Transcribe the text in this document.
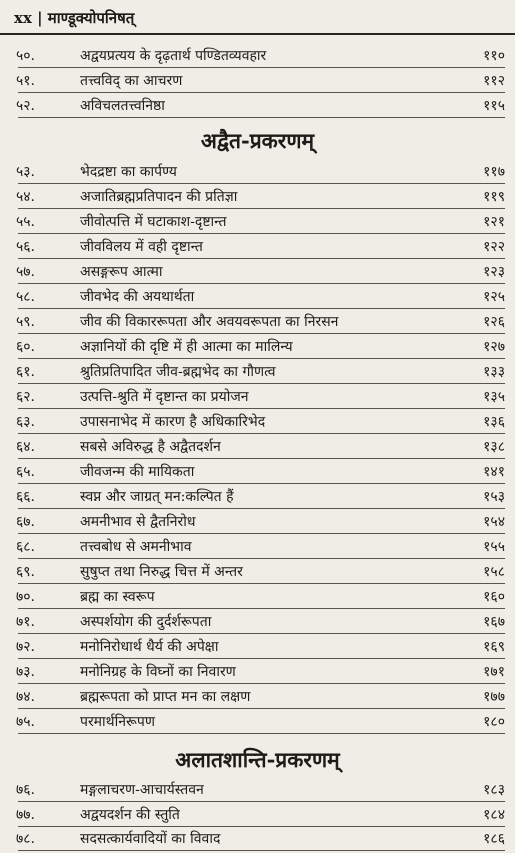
xx | माण्डूक्योपनिषत्
५०.	अद्वयप्रत्यय के दृढ़तार्थ पण्डितव्यवहार	११०
५१.	तत्त्वविद् का आचरण	११२
५२.	अविचलतत्त्वनिष्ठा	११५
अद्वैत-प्रकरणम्
५३.	भेदद्रष्टा का कार्पण्य	११७
५४.	अजातिब्रह्मप्रतिपादन की प्रतिज्ञा	११९
५५.	जीवोत्पत्ति में घटाकाश-दृष्टान्त	१२१
५६.	जीवविलय में वही दृष्टान्त	१२२
५७.	असङ्गरूप आत्मा	१२३
५८.	जीवभेद की अयथार्थता	१२५
५९.	जीव की विकाररूपता और अवयवरूपता का निरसन	१२६
६०.	अज्ञानियों की दृष्टि में ही आत्मा का मालिन्य	१२७
६१.	श्रुतिप्रतिपादित जीव-ब्रह्मभेद का गौणत्व	१३३
६२.	उत्पत्ति-श्रुति में दृष्टान्त का प्रयोजन	१३५
६३.	उपासनाभेद में कारण है अधिकारिभेद	१३६
६४.	सबसे अविरुद्ध है अद्वैतदर्शन	१३८
६५.	जीवजन्म की मायिकता	१४१
६६.	स्वप्न और जाग्रत् मन:कल्पित हैं	१५३
६७.	अमनीभाव से द्वैतनिरोध	१५४
६८.	तत्त्वबोध से अमनीभाव	१५५
६९.	सुषुप्त तथा निरुद्ध चित्त में अन्तर	१५८
७०.	ब्रह्म का स्वरूप	१६०
७१.	अस्पर्शयोग की दुर्दर्शरूपता	१६७
७२.	मनोनिरोधार्थ धैर्य की अपेक्षा	१६९
७३.	मनोनिग्रह के विघ्नों का निवारण	१७१
७४.	ब्रह्मरूपता को प्राप्त मन का लक्षण	१७७
७५.	परमार्थनिरूपण	१८०
अलातशान्ति-प्रकरणम्
७६.	मङ्गलाचरण-आचार्यस्तवन	१८३
७७.	अद्वयदर्शन की स्तुति	१८४
७८.	सदसत्कार्यवादियों का विवाद	१८६
